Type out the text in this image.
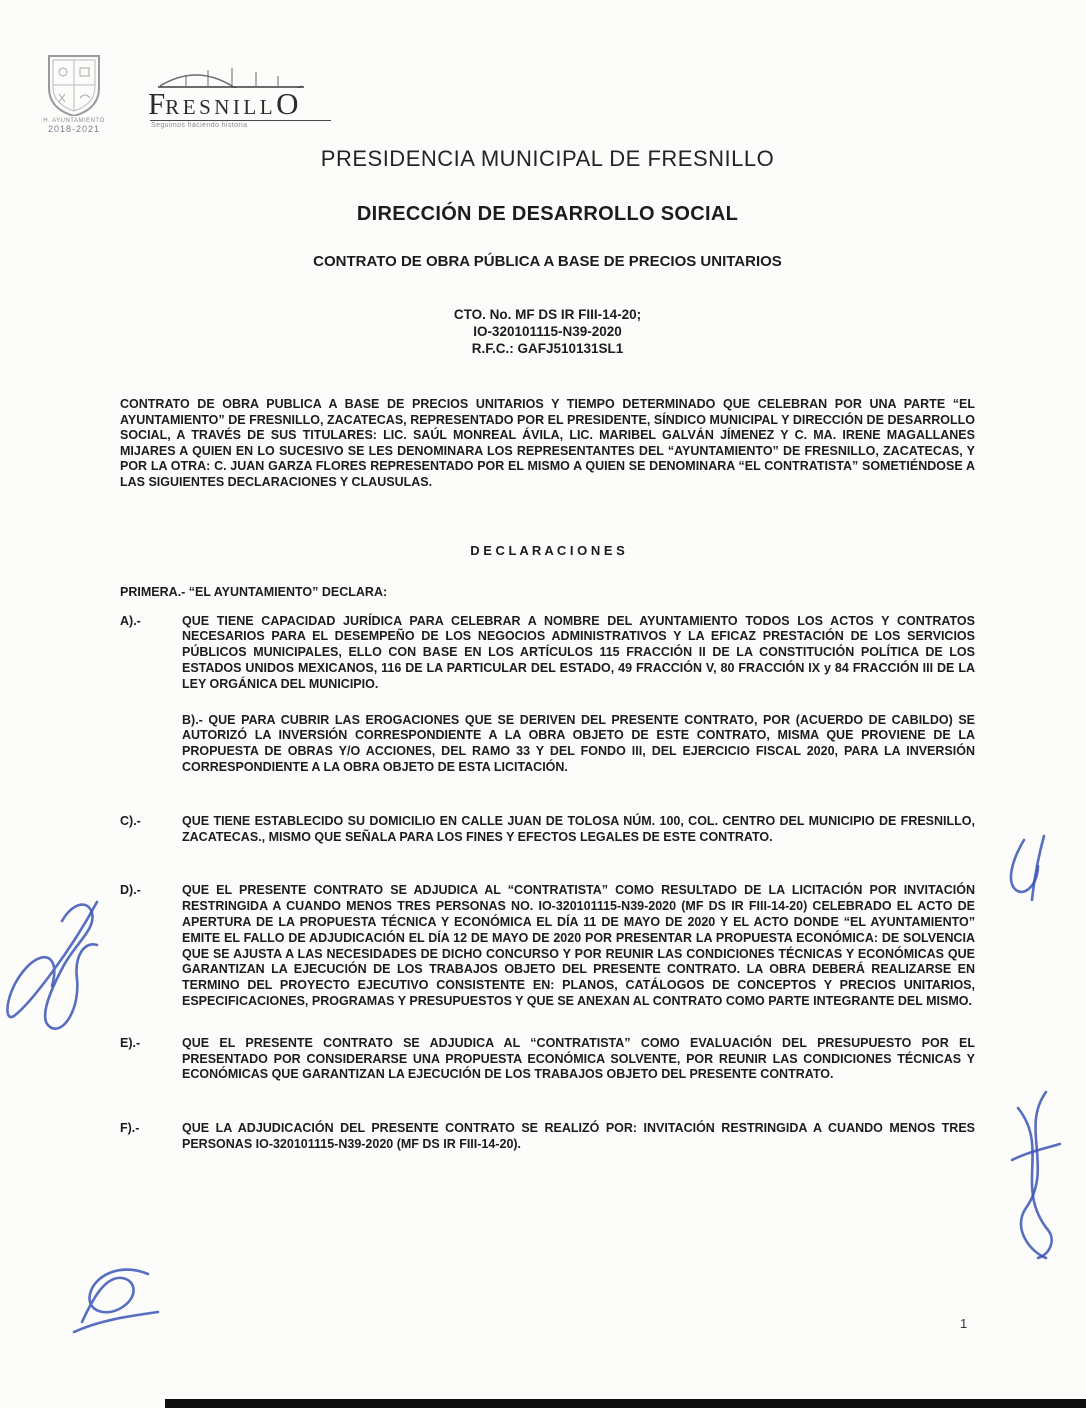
H. AYUNTAMIENTO
2018-2021
FRESNILLO
Seguimos haciendo historia
PRESIDENCIA MUNICIPAL DE FRESNILLO
DIRECCIÓN DE DESARROLLO SOCIAL
CONTRATO DE OBRA PÚBLICA A BASE DE PRECIOS UNITARIOS
CTO. No. MF DS IR FIII-14-20;
IO-320101115-N39-2020
R.F.C.: GAFJ510131SL1

CONTRATO DE OBRA PUBLICA A BASE DE PRECIOS UNITARIOS Y TIEMPO DETERMINADO QUE CELEBRAN POR UNA PARTE “EL AYUNTAMIENTO” DE FRESNILLO, ZACATECAS, REPRESENTADO POR EL PRESIDENTE, SÍNDICO MUNICIPAL Y DIRECCIÓN DE DESARROLLO SOCIAL, A TRAVÉS DE SUS TITULARES: LIC. SAÚL MONREAL ÁVILA, LIC. MARIBEL GALVÁN JÍMENEZ Y C. MA. IRENE MAGALLANES MIJARES A QUIEN EN LO SUCESIVO SE LES DENOMINARA LOS REPRESENTANTES DEL “AYUNTAMIENTO” DE FRESNILLO, ZACATECAS, Y POR LA OTRA: C. JUAN GARZA FLORES REPRESENTADO POR EL MISMO A QUIEN SE DENOMINARA “EL CONTRATISTA” SOMETIÉNDOSE A LAS SIGUIENTES DECLARACIONES Y CLAUSULAS.

D E C L A R A C I O N E S
PRIMERA.- “EL AYUNTAMIENTO” DECLARA:
A).-	QUE TIENE CAPACIDAD JURÍDICA PARA CELEBRAR A NOMBRE DEL AYUNTAMIENTO TODOS LOS ACTOS Y CONTRATOS NECESARIOS PARA EL DESEMPEÑO DE LOS NEGOCIOS ADMINISTRATIVOS Y LA EFICAZ PRESTACIÓN DE LOS SERVICIOS PÚBLICOS MUNICIPALES, ELLO CON BASE EN LOS ARTÍCULOS 115 FRACCIÓN II DE LA CONSTITUCIÓN POLÍTICA DE LOS ESTADOS UNIDOS MEXICANOS, 116 DE LA PARTICULAR DEL ESTADO, 49 FRACCIÓN V, 80 FRACCIÓN IX y 84 FRACCIÓN III DE LA LEY ORGÁNICA DEL MUNICIPIO.
B).- QUE PARA CUBRIR LAS EROGACIONES QUE SE DERIVEN DEL PRESENTE CONTRATO, POR (ACUERDO DE CABILDO) SE AUTORIZÓ LA INVERSIÓN CORRESPONDIENTE A LA OBRA OBJETO DE ESTE CONTRATO, MISMA QUE PROVIENE DE LA PROPUESTA DE OBRAS Y/O ACCIONES, DEL RAMO 33 Y DEL FONDO III, DEL EJERCICIO FISCAL 2020, PARA LA INVERSIÓN CORRESPONDIENTE A LA OBRA OBJETO DE ESTA LICITACIÓN.
C).-	QUE TIENE ESTABLECIDO SU DOMICILIO EN CALLE JUAN DE TOLOSA NÚM. 100, COL. CENTRO DEL MUNICIPIO DE FRESNILLO, ZACATECAS., MISMO QUE SEÑALA PARA LOS FINES Y EFECTOS LEGALES DE ESTE CONTRATO.
D).-	QUE EL PRESENTE CONTRATO SE ADJUDICA AL “CONTRATISTA” COMO RESULTADO DE LA LICITACIÓN POR INVITACIÓN RESTRINGIDA A CUANDO MENOS TRES PERSONAS NO. IO-320101115-N39-2020 (MF DS IR FIII-14-20) CELEBRADO EL ACTO DE APERTURA DE LA PROPUESTA TÉCNICA Y ECONÓMICA EL DÍA 11 DE MAYO DE 2020 Y EL ACTO DONDE “EL AYUNTAMIENTO” EMITE EL FALLO DE ADJUDICACIÓN EL DÍA 12 DE MAYO DE 2020 POR PRESENTAR LA PROPUESTA ECONÓMICA: DE SOLVENCIA QUE SE AJUSTA A LAS NECESIDADES DE DICHO CONCURSO Y POR REUNIR LAS CONDICIONES TÉCNICAS Y ECONÓMICAS QUE GARANTIZAN LA EJECUCIÓN DE LOS TRABAJOS OBJETO DEL PRESENTE CONTRATO. LA OBRA DEBERÁ REALIZARSE EN TERMINO DEL PROYECTO EJECUTIVO CONSISTENTE EN: PLANOS, CATÁLOGOS DE CONCEPTOS Y PRECIOS UNITARIOS, ESPECIFICACIONES, PROGRAMAS Y PRESUPUESTOS Y QUE SE ANEXAN AL CONTRATO COMO PARTE INTEGRANTE DEL MISMO.
E).-	QUE EL PRESENTE CONTRATO SE ADJUDICA AL “CONTRATISTA” COMO EVALUACIÓN DEL PRESUPUESTO POR EL PRESENTADO POR CONSIDERARSE UNA PROPUESTA ECONÓMICA SOLVENTE, POR REUNIR LAS CONDICIONES TÉCNICAS Y ECONÓMICAS QUE GARANTIZAN LA EJECUCIÓN DE LOS TRABAJOS OBJETO DEL PRESENTE CONTRATO.
F).-	QUE LA ADJUDICACIÓN DEL PRESENTE CONTRATO SE REALIZÓ POR: INVITACIÓN RESTRINGIDA A CUANDO MENOS TRES PERSONAS IO-320101115-N39-2020 (MF DS IR FIII-14-20).
1
